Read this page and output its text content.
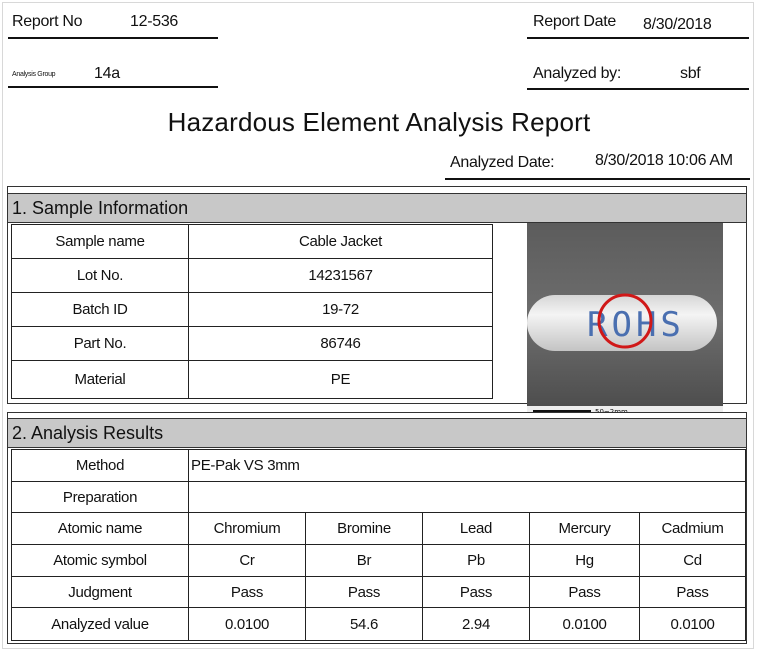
Report No	12-536	Report Date 8/30/2018
Analysis Group 14a	Analyzed by:	sbf
Hazardous Element Analysis Report
Analyzed Date:	8/30/2018 10:06 AM
1. Sample Information
Sample name	Cable Jacket
Lot No.	14231567
Batch ID	19-72
Part No.	86746
Material	PE
ROHS
2. Analysis Results
Method	PE-Pak VS 3mm				
Preparation					
Atomic name	Chromium	Bromine	Lead	Mercury	Cadmium
Atomic symbol	Cr	Br	Pb	Hg	Cd
Judgment	Pass	Pass	Pass	Pass	Pass
Analyzed value	0.0100	54.6	2.94	0.0100	0.0100
